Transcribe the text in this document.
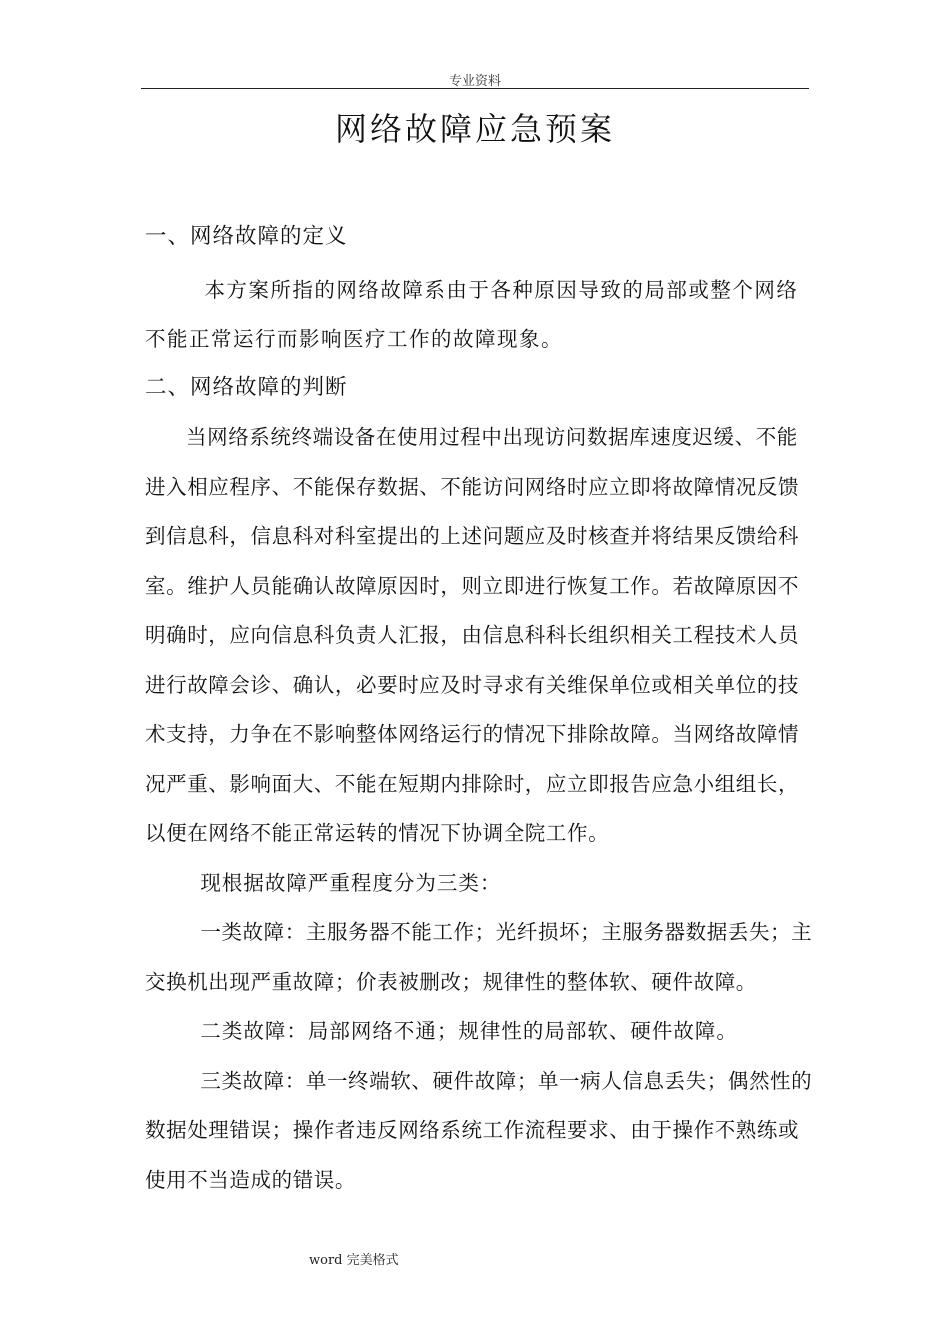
专业资料
网络故障应急预案

一、网络故障的定义

本方案所指的网络故障系由于各种原因导致的局部或整个网络不能正常运行而影响医疗工作的故障现象。

二、网络故障的判断

当网络系统终端设备在使用过程中出现访问数据库速度迟缓、不能进入相应程序、不能保存数据、不能访问网络时应立即将故障情况反馈到信息科，信息科对科室提出的上述问题应及时核查并将结果反馈给科室。维护人员能确认故障原因时，则立即进行恢复工作。若故障原因不明确时，应向信息科负责人汇报，由信息科科长组织相关工程技术人员进行故障会诊、确认，必要时应及时寻求有关维保单位或相关单位的技术支持，力争在不影响整体网络运行的情况下排除故障。当网络故障情况严重、影响面大、不能在短期内排除时，应立即报告应急小组组长，以便在网络不能正常运转的情况下协调全院工作。

现根据故障严重程度分为三类：

一类故障：主服务器不能工作；光纤损坏；主服务器数据丢失；主交换机出现严重故障；价表被删改；规律性的整体软、硬件故障。

二类故障：局部网络不通；规律性的局部软、硬件故障。

三类故障：单一终端软、硬件故障；单一病人信息丢失；偶然性的数据处理错误；操作者违反网络系统工作流程要求、由于操作不熟练或使用不当造成的错误。

word 完美格式
